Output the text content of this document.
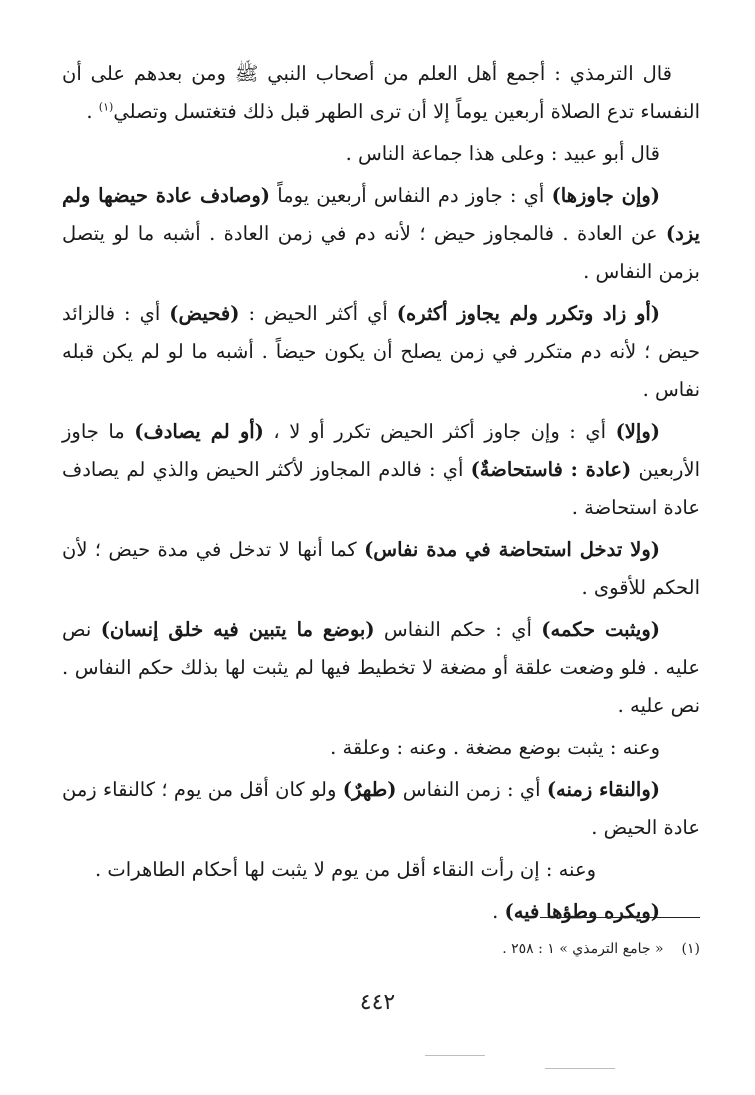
قال الترمذي : أجمع أهل العلم من أصحاب النبي ﷺ ومن بعدهم على أن النفساء تدع الصلاة أربعين يوماً إلا أن ترى الطهر قبل ذلك فتغتسل وتصلي$^{(١)}$ .

قال أبو عبيد : وعلى هذا جماعة الناس .

(وإن جاوزها) أي : جاوز دم النفاس أربعين يوماً (وصادف عادة حيضها ولم يزد) عن العادة . فالمجاوز حيض ؛ لأنه دم في زمن العادة . أشبه ما لو يتصل بزمن النفاس .

(أو زاد وتكرر ولم يجاوز أكثره) أي أكثر الحيض : (فحيض) أي : فالزائد حيض ؛ لأنه دم متكرر في زمن يصلح أن يكون حيضاً . أشبه ما لو لم يكن قبله نفاس .

(وإلا) أي : وإن جاوز أكثر الحيض تكرر أو لا ، (أو لم يصادف) ما جاوز الأربعين (عادة : فاستحاضةٌ) أي : فالدم المجاوز لأكثر الحيض والذي لم يصادف عادة استحاضة .

(ولا تدخل استحاضة في مدة نفاس) كما أنها لا تدخل في مدة حيض ؛ لأن الحكم للأقوى .

(ويثبت حكمه) أي : حكم النفاس (بوضع ما يتبين فيه خلق إنسان) نص عليه . فلو وضعت علقة أو مضغة لا تخطيط فيها لم يثبت لها بذلك حكم النفاس . نص عليه .

وعنه : يثبت بوضع مضغة . وعنه : وعلقة .

(والنقاء زمنه) أي : زمن النفاس (طهرٌ) ولو كان أقل من يوم ؛ كالنقاء زمن عادة الحيض .

وعنه : إن رأت النقاء أقل من يوم لا يثبت لها أحكام الطاهرات .

(ويكره وطؤها فيه) .

(١)« جامع الترمذي » ١ : ٢٥٨ .
٤٤٢
